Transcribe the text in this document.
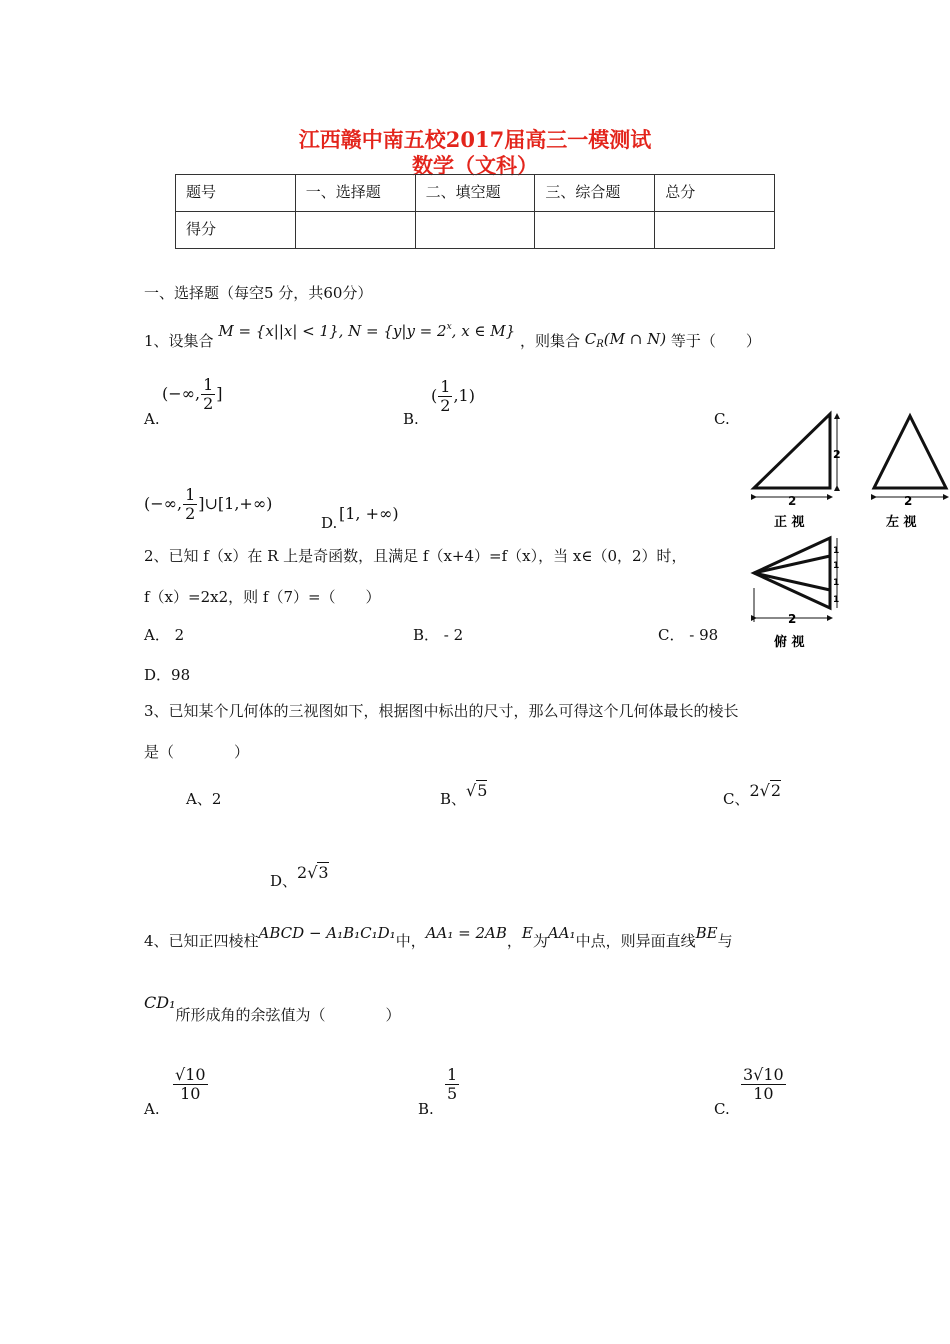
江西赣中南五校2017届高三一模测试
数学（文科）
题号	一、选择题	二、填空题	三、综合题	总分
得分				
一、选择题（每空5 分，共60分）
1、设集合 M = {x||x| < 1}, $N = \{y|y = 2^x$, x ∈ M} ，则集合 $C_R(M$ ∩ N) 等于（　　）
A.
(−∞, $\frac{1}{2}$ ]
B.
( $\frac{1}{2} ,1$)
C.
(−∞, $\frac{1}{2}$ ]∪[1,+∞)
D. [1, +∞)
2、已知 f（x）在 R 上是奇函数，且满足 f（x+4）=f（x），当 x∈（0，2）时，
f（x）=2x2，则 f（7）=（　　）
A． 2	B． - 2	C． - 98
D．98
3、已知某个几何体的三视图如下，根据图中标出的尺寸，那么可得这个几何体最长的棱长
是（　　　　）
A、2	B、√5	C、2√2
D、2√3
4、已知正四棱柱ABCD − A₁B₁C₁D₁中，AA₁ = 2AB，E为AA₁中点，则异面直线BE与
CD₁所形成角的余弦值为（　　　　）
A.
$\frac{√10}{10}$
B.
$\frac{1}{5}$
C.
$\frac{3√10}{10}$
2
2
正 视
2
左 视
1
1
1
1
2
俯 视
